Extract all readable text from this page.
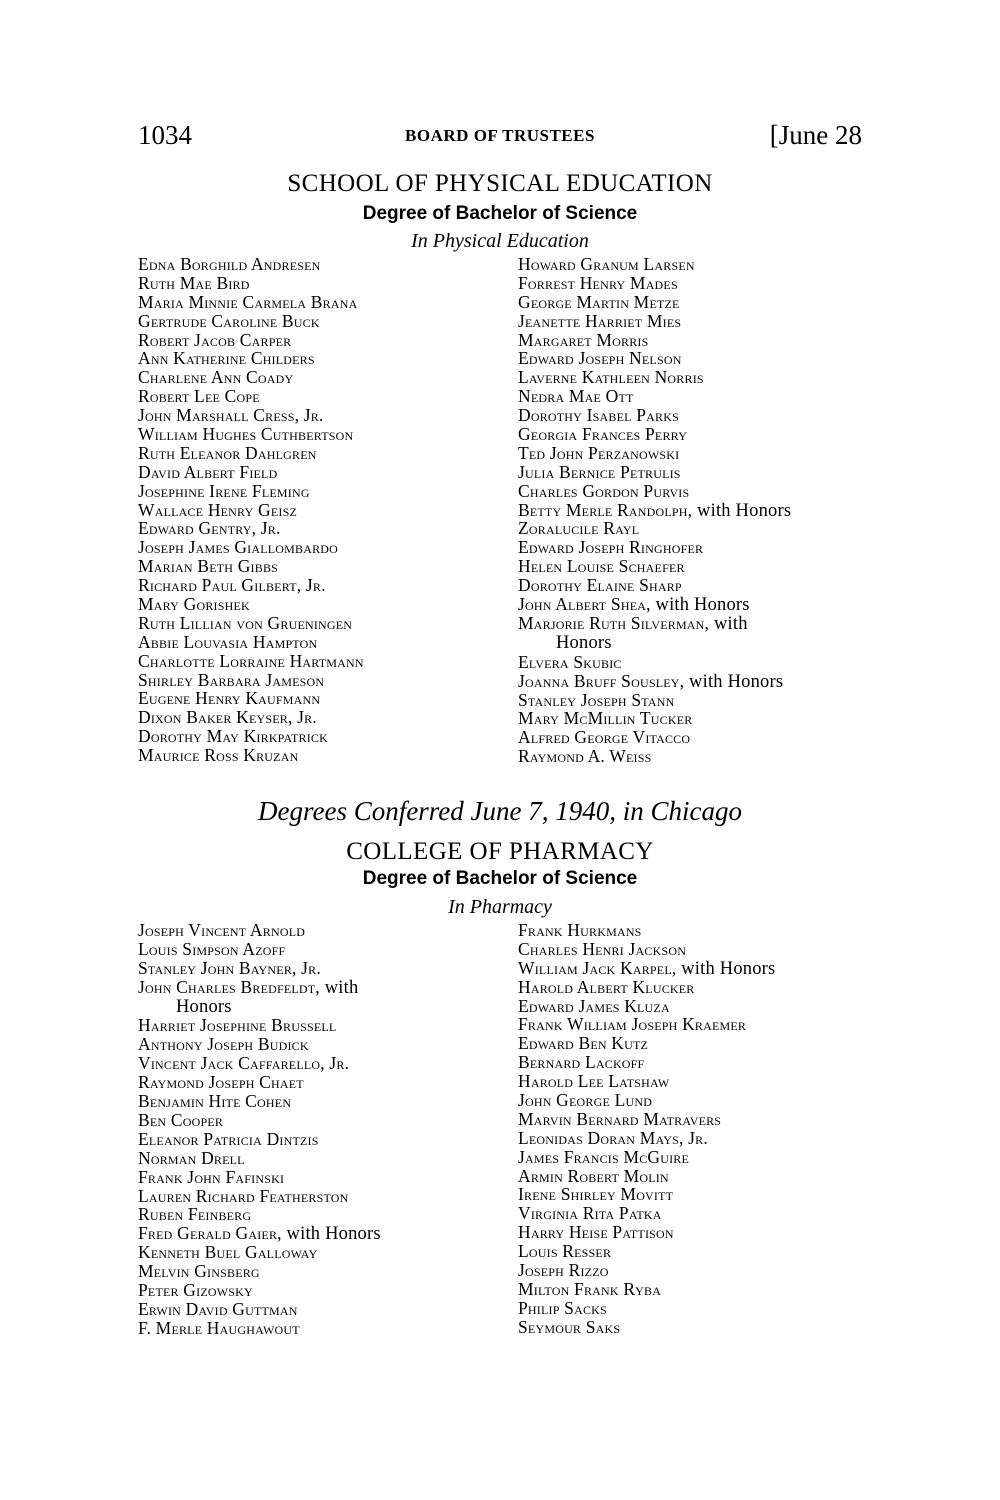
1034	BOARD OF TRUSTEES	[June 28
SCHOOL OF PHYSICAL EDUCATION
Degree of Bachelor of Science
In Physical Education
Edna Borghild Andresen
Ruth Mae Bird
Maria Minnie Carmela Brana
Gertrude Caroline Buck
Robert Jacob Carper
Ann Katherine Childers
Charlene Ann Coady
Robert Lee Cope
John Marshall Cress, Jr.
William Hughes Cuthbertson
Ruth Eleanor Dahlgren
David Albert Field
Josephine Irene Fleming
Wallace Henry Geisz
Edward Gentry, Jr.
Joseph James Giallombardo
Marian Beth Gibbs
Richard Paul Gilbert, Jr.
Mary Gorishek
Ruth Lillian von Grueningen
Abbie Louvasia Hampton
Charlotte Lorraine Hartmann
Shirley Barbara Jameson
Eugene Henry Kaufmann
Dixon Baker Keyser, Jr.
Dorothy May Kirkpatrick
Maurice Ross Kruzan
Howard Granum Larsen
Forrest Henry Mades
George Martin Metze
Jeanette Harriet Mies
Margaret Morris
Edward Joseph Nelson
Laverne Kathleen Norris
Nedra Mae Ott
Dorothy Isabel Parks
Georgia Frances Perry
Ted John Perzanowski
Julia Bernice Petrulis
Charles Gordon Purvis
Betty Merle Randolph, with Honors
Zoralucile Rayl
Edward Joseph Ringhofer
Helen Louise Schaefer
Dorothy Elaine Sharp
John Albert Shea, with Honors
Marjorie Ruth Silverman, with
Honors
Elvera Skubic
Joanna Bruff Sousley, with Honors
Stanley Joseph Stann
Mary McMillin Tucker
Alfred George Vitacco
Raymond A. Weiss
Degrees Conferred June 7, 1940, in Chicago
COLLEGE OF PHARMACY
Degree of Bachelor of Science
In Pharmacy
Joseph Vincent Arnold
Louis Simpson Azoff
Stanley John Bayner, Jr.
John Charles Bredfeldt, with
Honors
Harriet Josephine Brussell
Anthony Joseph Budick
Vincent Jack Caffarello, Jr.
Raymond Joseph Chaet
Benjamin Hite Cohen
Ben Cooper
Eleanor Patricia Dintzis
Norman Drell
Frank John Fafinski
Lauren Richard Featherston
Ruben Feinberg
Fred Gerald Gaier, with Honors
Kenneth Buel Galloway
Melvin Ginsberg
Peter Gizowsky
Erwin David Guttman
F. Merle Haughawout
Frank Hurkmans
Charles Henri Jackson
William Jack Karpel, with Honors
Harold Albert Klucker
Edward James Kluza
Frank William Joseph Kraemer
Edward Ben Kutz
Bernard Lackoff
Harold Lee Latshaw
John George Lund
Marvin Bernard Matravers
Leonidas Doran Mays, Jr.
James Francis McGuire
Armin Robert Molin
Irene Shirley Movitt
Virginia Rita Patka
Harry Heise Pattison
Louis Resser
Joseph Rizzo
Milton Frank Ryba
Philip Sacks
Seymour Saks
